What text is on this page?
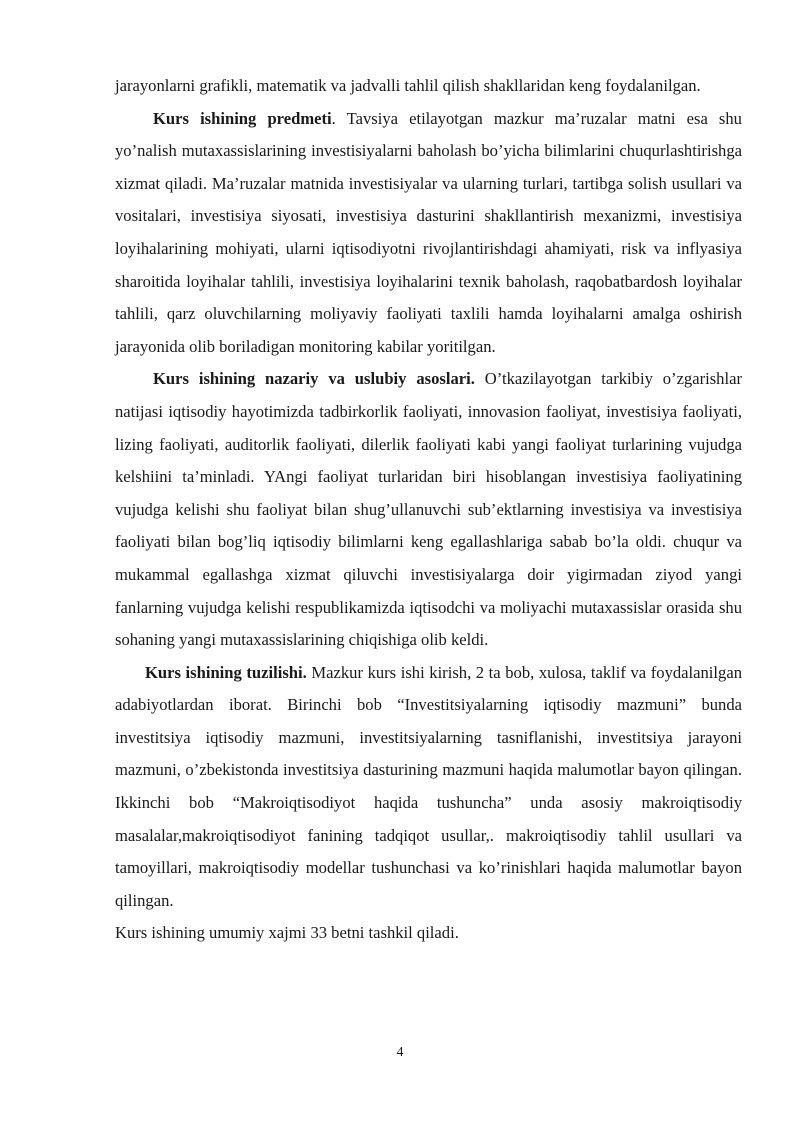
jarayonlarni grafikli, matematik va jadvalli tahlil qilish shakllaridan keng foydalanilgan.

Kurs ishining predmeti. Tavsiya etilayotgan mazkur ma’ruzalar matni esa shu yo’nalish mutaxassislarining investisiyalarni baholash bo’yicha bilimlarini chuqurlashtirishga xizmat qiladi. Ma’ruzalar matnida investisiyalar va ularning turlari, tartibga solish usullari va vositalari, investisiya siyosati, investisiya dasturini shakllantirish mexanizmi, investisiya loyihalarining mohiyati, ularni iqtisodiyotni rivojlantirishdagi ahamiyati, risk va inflyasiya sharoitida loyihalar tahlili, investisiya loyihalarini texnik baholash, raqobatbardosh loyihalar tahlili, qarz oluvchilarning moliyaviy faoliyati taxlili hamda loyihalarni amalga oshirish jarayonida olib boriladigan monitoring kabilar yoritilgan.

Kurs ishining nazariy va uslubiy asoslari. O’tkazilayotgan tarkibiy o’zgarishlar natijasi iqtisodiy hayotimizda tadbirkorlik faoliyati, innovasion faoliyat, investisiya faoliyati, lizing faoliyati, auditorlik faoliyati, dilerlik faoliyati kabi yangi faoliyat turlarining vujudga kelshiini ta’minladi. YAngi faoliyat turlaridan biri hisoblangan investisiya faoliyatining vujudga kelishi shu faoliyat bilan shug’ullanuvchi sub’ektlarning investisiya va investisiya faoliyati bilan bog’liq iqtisodiy bilimlarni keng egallashlariga sabab bo’la oldi. chuqur va mukammal egallashga xizmat qiluvchi investisiyalarga doir yigirmadan ziyod yangi fanlarning vujudga kelishi respublikamizda iqtisodchi va moliyachi mutaxassislar orasida shu sohaning yangi mutaxassislarining chiqishiga olib keldi.

Kurs ishining tuzilishi. Mazkur kurs ishi kirish, 2 ta bob, xulosa, taklif va foydalanilgan adabiyotlardan iborat. Birinchi bob “Investitsiyalarning iqtisodiy mazmuni” bunda investitsiya iqtisodiy mazmuni, investitsiyalarning tasniflanishi, investitsiya jarayoni mazmuni, o’zbekistonda investitsiya dasturining mazmuni haqida malumotlar bayon qilingan. Ikkinchi bob “Makroiqtisodiyot haqida tushuncha” unda asosiy makroiqtisodiy masalalar,makroiqtisodiyot fanining tadqiqot usullar,. makroiqtisodiy tahlil usullari va tamoyillari, makroiqtisodiy modellar tushunchasi va ko’rinishlari haqida malumotlar bayon qilingan.

Kurs ishining umumiy xajmi 33 betni tashkil qiladi.

4
